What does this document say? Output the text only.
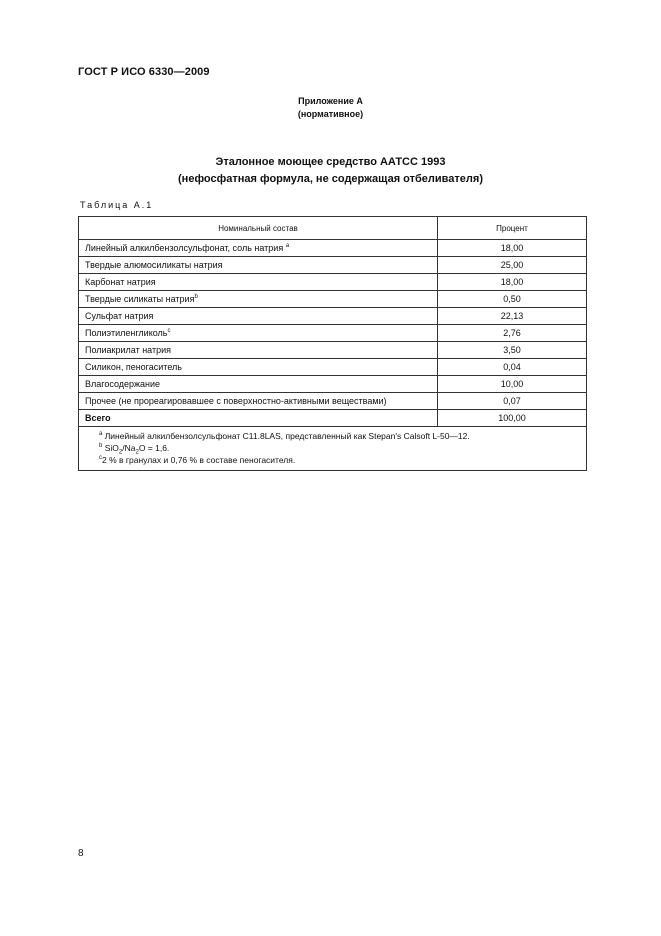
ГОСТ Р ИСО 6330—2009
Приложение А
(нормативное)
Эталонное моющее средство ААТСС 1993
(нефосфатная формула, не содержащая отбеливателя)
Таблица А.1
Номинальный состав	Процент
Линейный алкилбензолсульфонат, соль натрия $^a$	18,00
Твердые алюмосиликаты натрия	25,00
Карбонат натрия	18,00
Твердые силикаты натрия$^b$	0,50
Сульфат натрия	22,13
Полиэтиленгликоль$^c$	2,76
Полиакрилат натрия	3,50
Силикон, пеногаситель	0,04
Влагосодержание	10,00
Прочее (не прореагировавшее с поверхностно-активными веществами)	0,07
Всего	100,00

$^a$ Линейный алкилбензолсульфонат С11.8LAS, представленный как Stepan's Calsoft L-50—12.
$^b$ $SiO_2/Na_2O = 1,6$.
$^c$2 % в гранулах и 0,76 % в составе пеногасителя.	
8
